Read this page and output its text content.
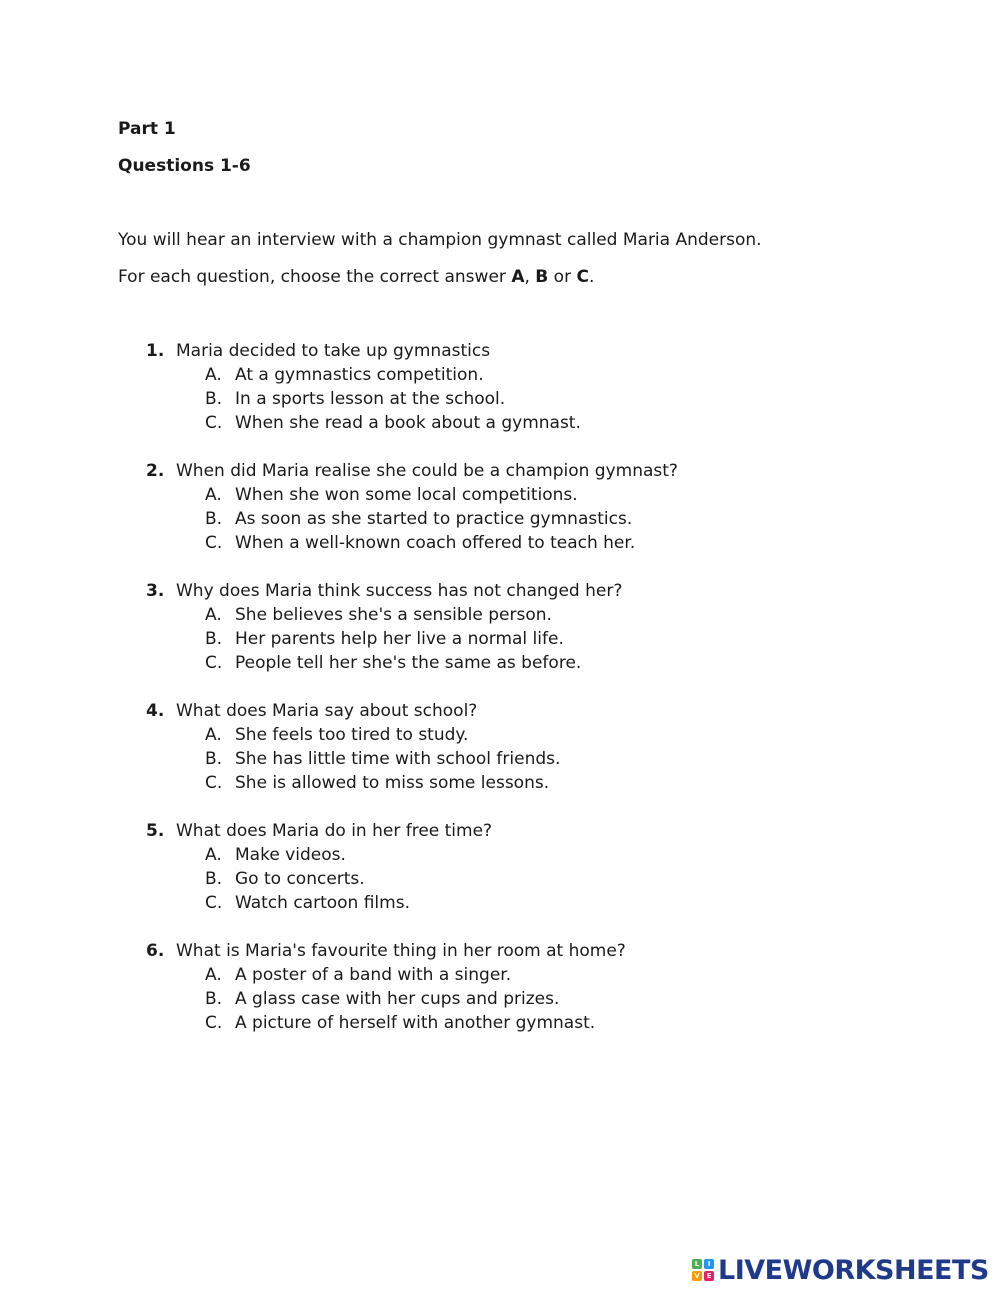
Part 1
Questions 1-6
You will hear an interview with a champion gymnast called Maria Anderson.
For each question, choose the correct answer A, B or C.
1. Maria decided to take up gymnastics
A. At a gymnastics competition.
B. In a sports lesson at the school.
C. When she read a book about a gymnast.
2. When did Maria realise she could be a champion gymnast?
A. When she won some local competitions.
B. As soon as she started to practice gymnastics.
C. When a well-known coach offered to teach her.
3. Why does Maria think success has not changed her?
A. She believes she's a sensible person.
B. Her parents help her live a normal life.
C. People tell her she's the same as before.
4. What does Maria say about school?
A. She feels too tired to study.
B. She has little time with school friends.
C. She is allowed to miss some lessons.
5. What does Maria do in her free time?
A. Make videos.
B. Go to concerts.
C. Watch cartoon films.
6. What is Maria's favourite thing in her room at home?
A. A poster of a band with a singer.
B. A glass case with her cups and prizes.
C. A picture of herself with another gymnast.
L	I
V E LIVEWORKSHEETS
